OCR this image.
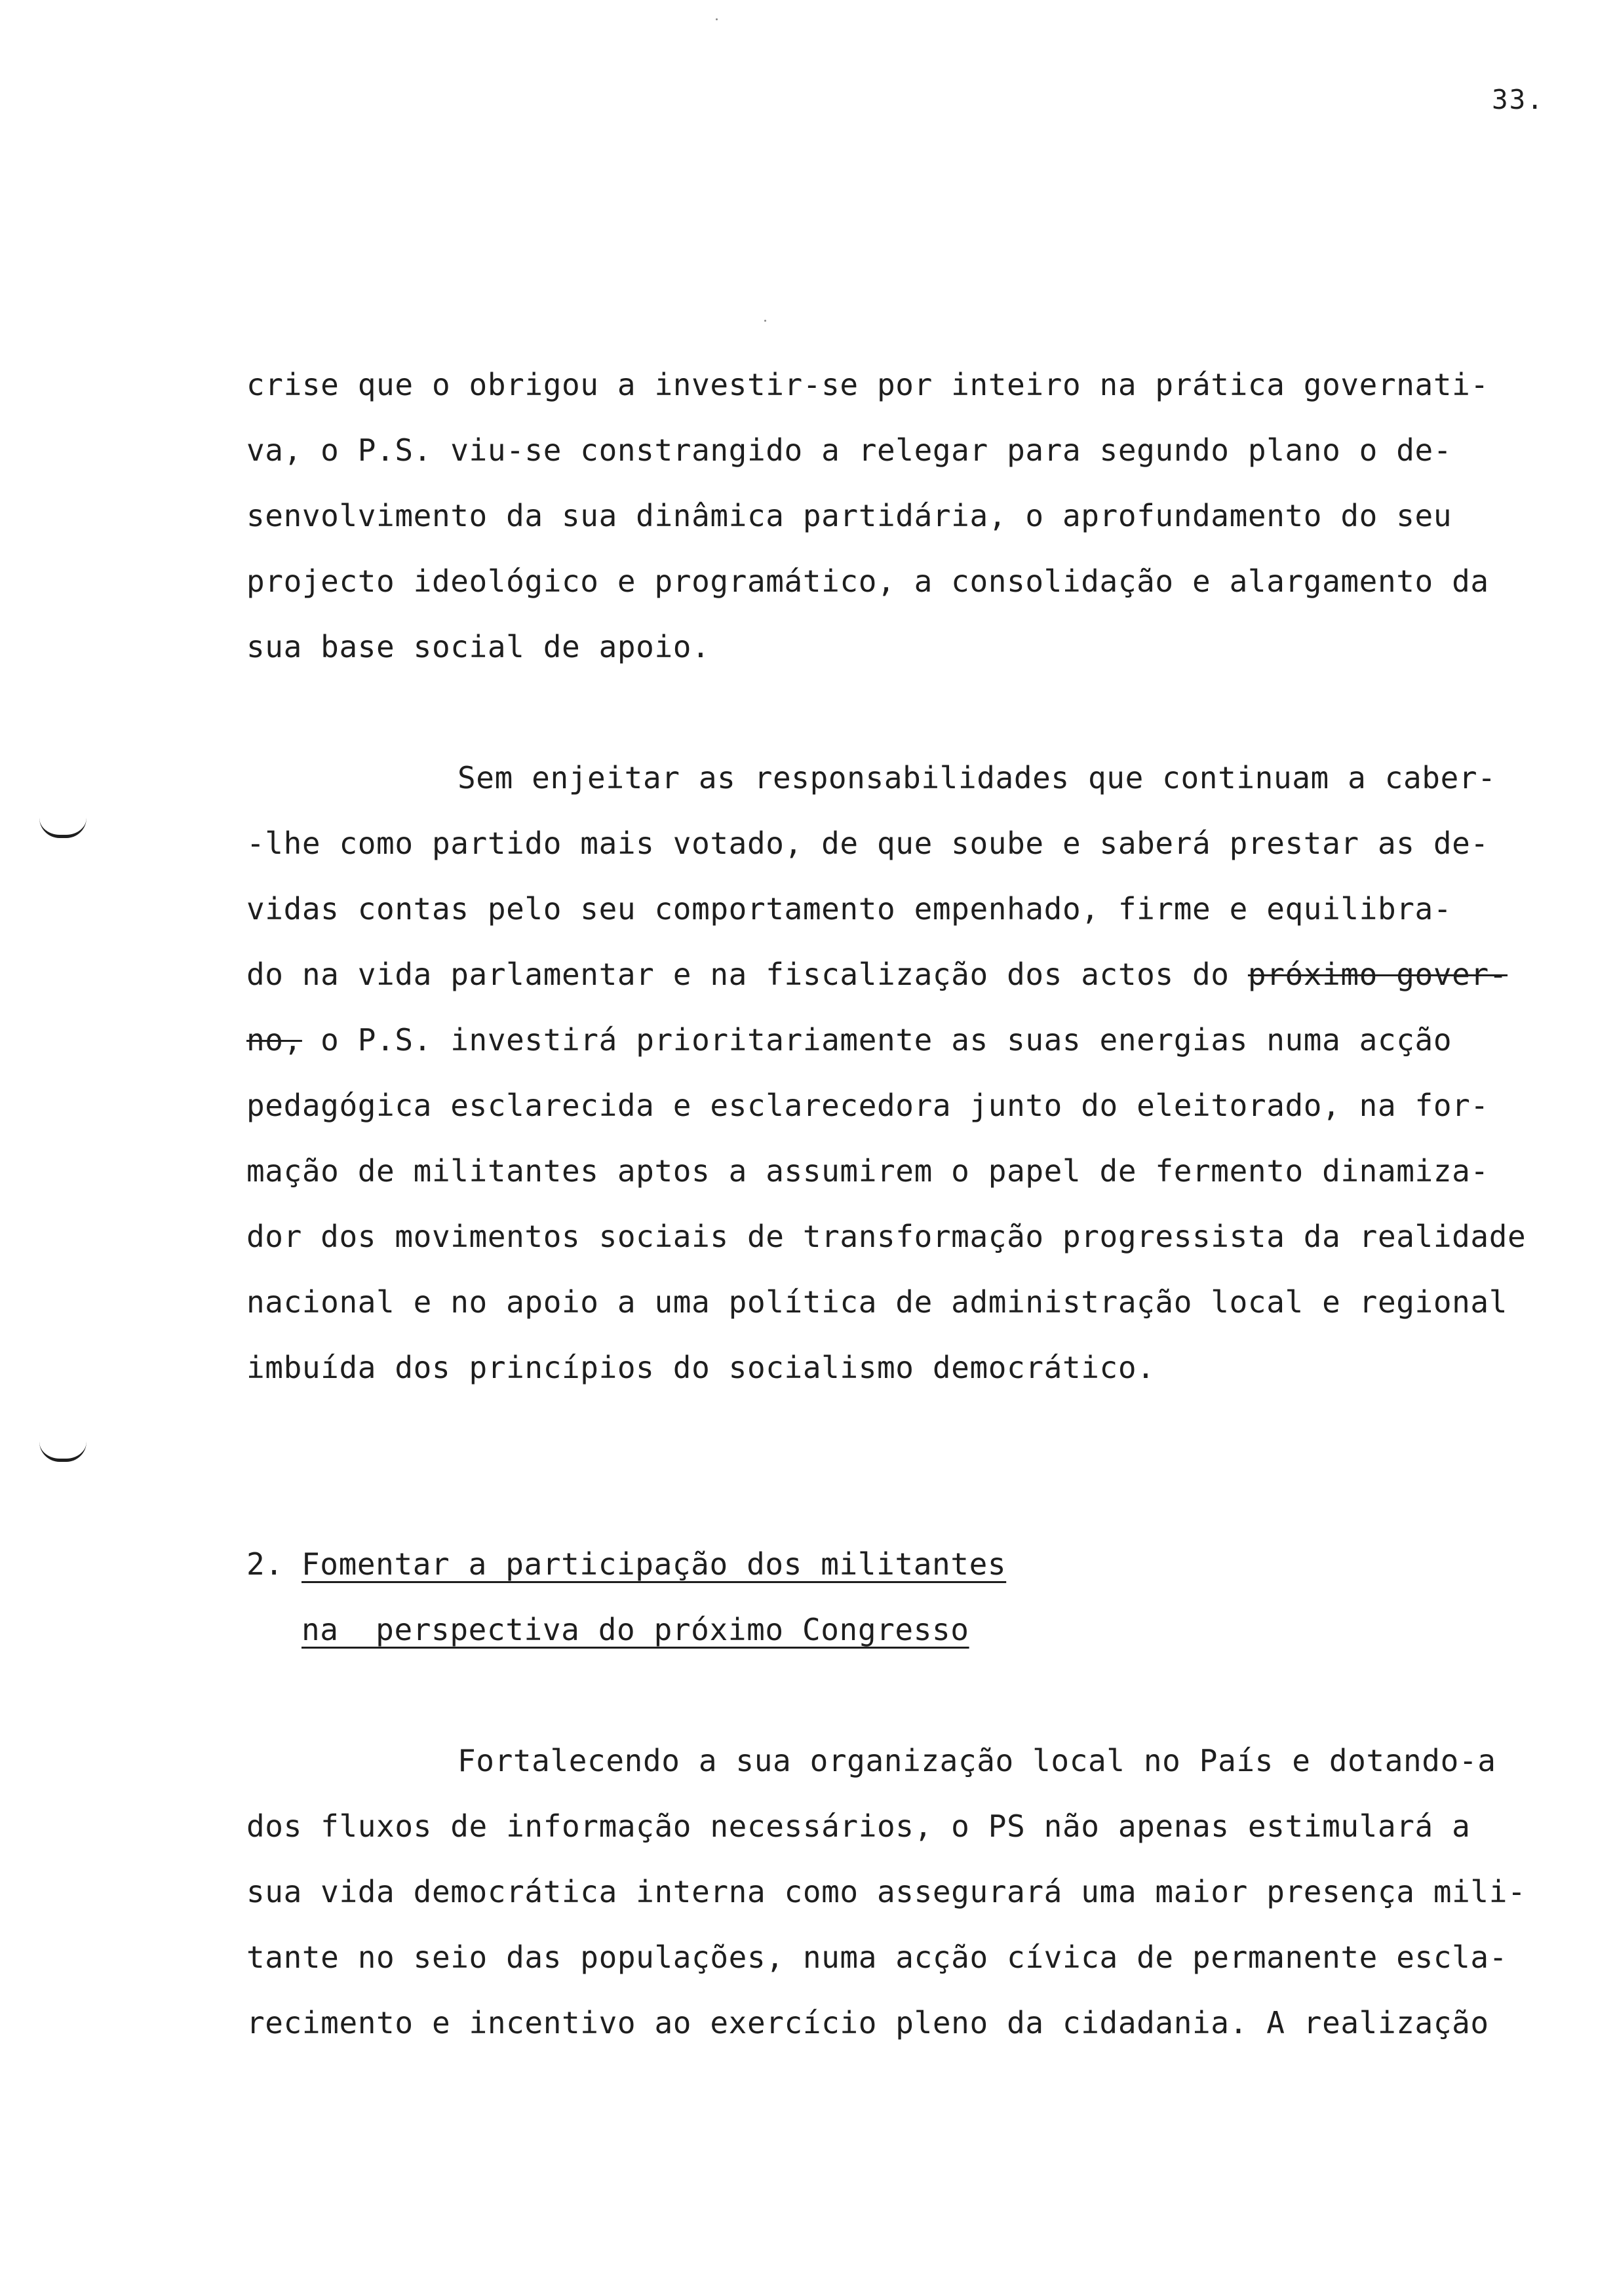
33.
crise que o obrigou a investir-se por inteiro na prática governati-
va, o P.S. viu-se constrangido a relegar para segundo plano o de-
senvolvimento da sua dinâmica partidária, o aprofundamento do seu
projecto ideológico e programático, a consolidação e alargamento da
sua base social de apoio.
Sem enjeitar as responsabilidades que continuam a caber-
-lhe como partido mais votado, de que soube e saberá prestar as de-
vidas contas pelo seu comportamento empenhado, firme e equilibra-
do na vida parlamentar e na fiscalização dos actos do próximo gover-
no, o P.S. investirá prioritariamente as suas energias numa acção
pedagógica esclarecida e esclarecedora junto do eleitorado, na for-
mação de militantes aptos a assumirem o papel de fermento dinamiza-
dor dos movimentos sociais de transformação progressista da realidade
nacional e no apoio a uma política de administração local e regional
imbuída dos princípios do socialismo democrático.
2. Fomentar a participação dos militantes
na  perspectiva do próximo Congresso
Fortalecendo a sua organização local no País e dotando-a
dos fluxos de informação necessários, o PS não apenas estimulará a
sua vida democrática interna como assegurará uma maior presença mili-
tante no seio das populações, numa acção cívica de permanente escla-
recimento e incentivo ao exercício pleno da cidadania. A realização
